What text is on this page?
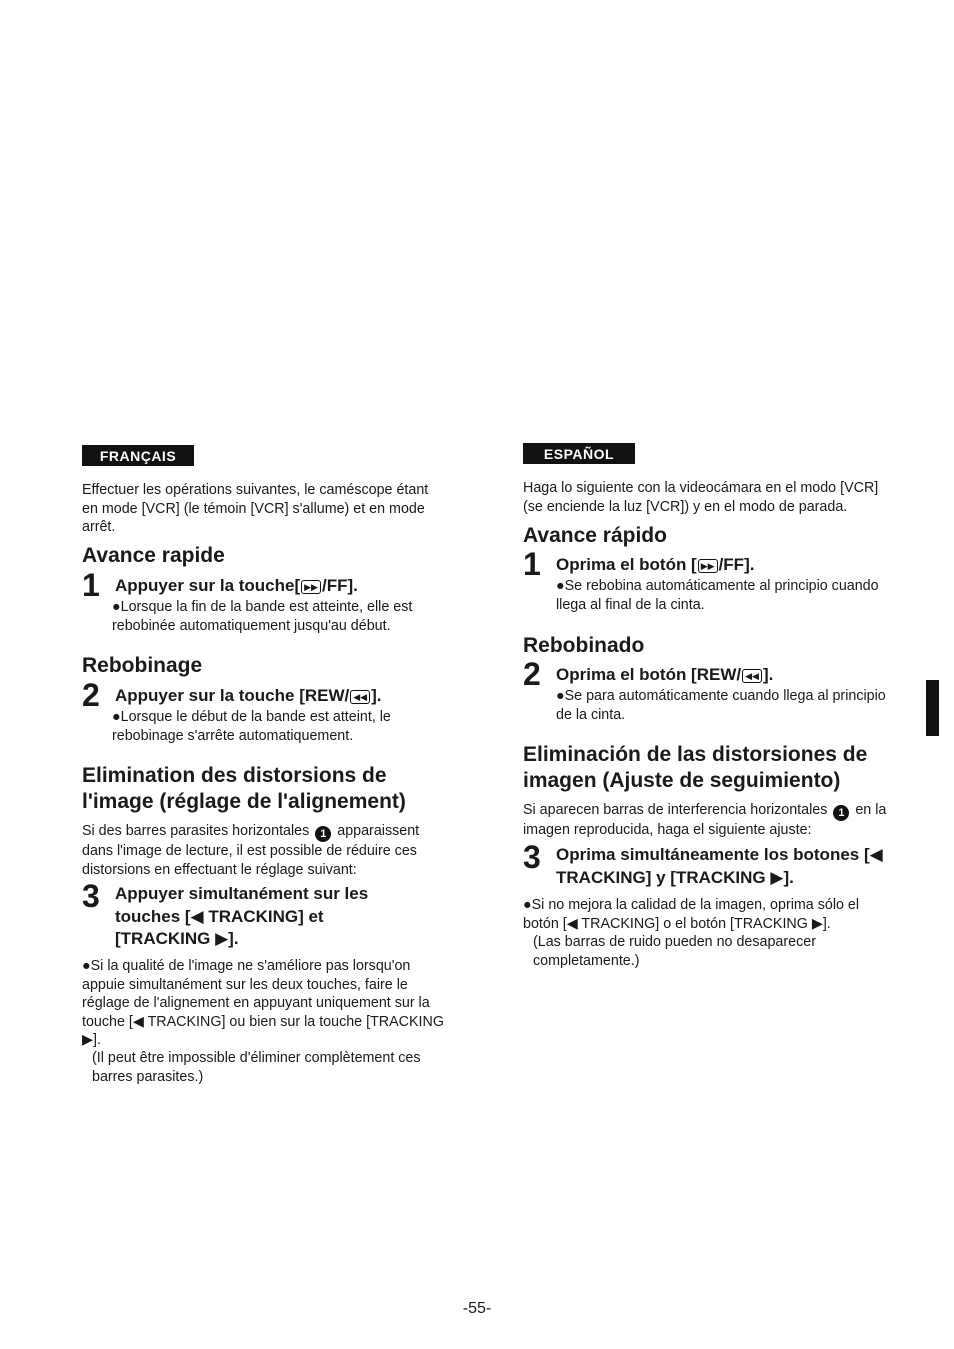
FRANÇAIS
Effectuer les opérations suivantes, le caméscope étant en mode [VCR] (le témoin [VCR] s'allume) et en mode arrêt.
Avance rapide
1 Appuyer sur la touche[ ▶▶ /FF].
●Lorsque la fin de la bande est atteinte, elle est rebobinée automatiquement jusqu'au début.
Rebobinage
2 Appuyer sur la touche [REW/ ◀◀ ].
●Lorsque le début de la bande est atteint, le rebobinage s'arrête automatiquement.
Elimination des distorsions de l'image (réglage de l'alignement)
Si des barres parasites horizontales 1 apparaissent dans l'image de lecture, il est possible de réduire ces distorsions en effectuant le réglage suivant:
3 Appuyer simultanément sur les touches [◀ TRACKING] et [TRACKING ▶].
●Si la qualité de l'image ne s'améliore pas lorsqu'on appuie simultanément sur les deux touches, faire le réglage de l'alignement en appuyant uniquement sur la touche [◀ TRACKING] ou bien sur la touche [TRACKING ▶].
(Il peut être impossible d'éliminer complètement ces barres parasites.)
ESPAÑOL
Haga lo siguiente con la videocámara en el modo [VCR] (se enciende la luz [VCR]) y en el modo de parada.
Avance rápido
1 Oprima el botón [ ▶▶ /FF].
●Se rebobina automáticamente al principio cuando llega al final de la cinta.
Rebobinado
2 Oprima el botón [REW/ ◀◀ ].
●Se para automáticamente cuando llega al principio de la cinta.
Eliminación de las distorsiones de imagen (Ajuste de seguimiento)
Si aparecen barras de interferencia horizontales 1 en la imagen reproducida, haga el siguiente ajuste:
3 Oprima simultáneamente los botones [◀ TRACKING] y [TRACKING ▶].
●Si no mejora la calidad de la imagen, oprima sólo el botón [◀ TRACKING] o el botón [TRACKING ▶].
(Las barras de ruido pueden no desaparecer completamente.)
-55-
